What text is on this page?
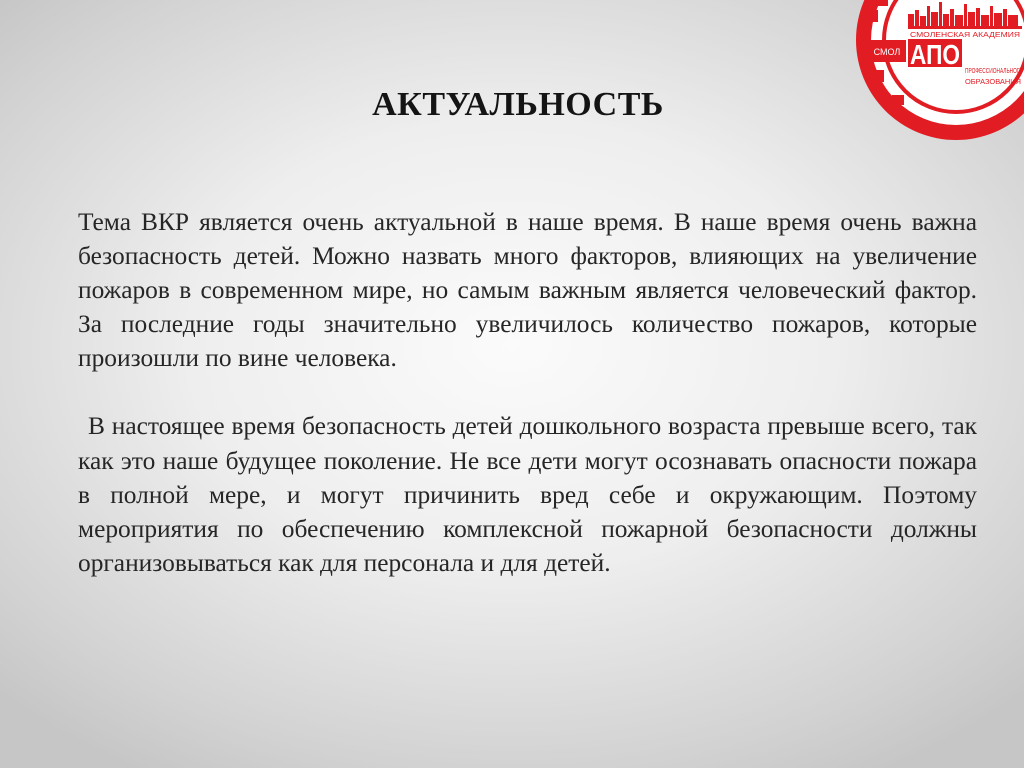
АКТУАЛЬНОСТЬ

Тема ВКР является очень актуальной в наше время. В наше время очень важна безопасность детей. Можно назвать много факторов, влияющих на увеличение пожаров в современном мире, но самым важным является человеческий фактор. За последние годы значительно увеличилось количество пожаров, которые произошли по вине человека.

В настоящее время безопасность детей дошкольного возраста превыше всего, так как это наше будущее поколение. Не все дети могут осознавать опасности пожара в полной мере, и могут причинить вред себе и окружающим. Поэтому мероприятия по обеспечению комплексной пожарной безопасности должны организовываться как для персонала и для детей.

СМОЛЕНСКАЯ АКАДЕМИЯ
СМОЛ АПО
ПРОФЕССИОНАЛЬНОГО
ОБРАЗОВАНИЯ
